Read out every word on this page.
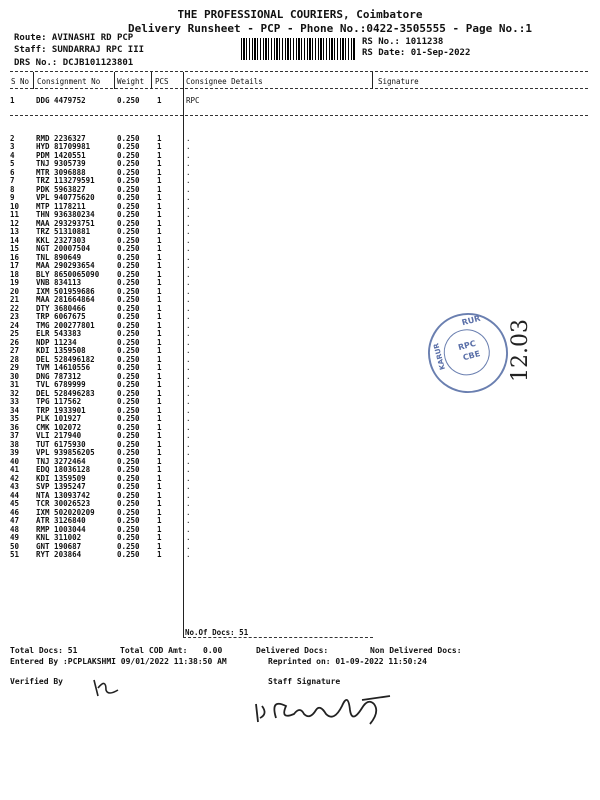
THE PROFESSIONAL COURIERS, Coimbatore
Delivery Runsheet - PCP - Phone No.:0422-3505555 - Page No.:1
Route: AVINASHI RD PCP
Staff: SUNDARRAJ RPC III
DRS No.: DCJB101123801
RS No.: 1011238
RS Date: 01-Sep-2022
S No Consignment No Weight PCS Consignee Details	Signature
1	DDG 4479752	0.250 1	RPC
2	RMD 2236327	0.250 1	.
3	HYD 81709981	0.250 1	.
4	PDM 1420551	0.250 1	.
5	TNJ 9305739	0.250 1	.
6	MTR 3096888	0.250 1	.
7	TRZ 113279591	0.250 1	.
8	PDK 5963827	0.250 1	.
9	VPL 940775620	0.250 1	.
10 MTP 1178211	0.250 1	.
11 THN 936380234	0.250 1	.
12 MAA 293293751	0.250 1	.
13 TRZ 51310881	0.250 1	.
14 KKL 2327303	0.250 1	.
15 NGT 20007504	0.250 1	.
16 TNL 890649	0.250 1	.
17 MAA 290293654	0.250 1	.
18 BLY 8650065090 0.250 1	.
19 VNB 834113	0.250 1	.
20 IXM 501959686	0.250 1	.
21 MAA 281664864	0.250 1	.
22 DTY 3680466	0.250 1	.
23 TRP 6067675	0.250 1	.
24 TMG 200277801	0.250 1	.
25 ELR 543383	0.250 1	.
26 NDP 11234	0.250 1	.
27 KDI 1359508	0.250 1	.
28 DEL 528496182	0.250 1	.
29 TVM 14610556	0.250 1	.
30 DNG 787312	0.250 1	.
31 TVL 6789999	0.250 1	.
32 DEL 528496283	0.250 1	.
33 TPG 117562	0.250 1	.
34 TRP 1933901	0.250 1	.
35 PLK 101927	0.250 1	.
36 CMK 102072	0.250 1	.
37 VLI 217940	0.250 1	.
38 TUT 6175930	0.250 1	.
39 VPL 939856205	0.250 1	.
40 TNJ 3272464	0.250 1	.
41 EDQ 18036128	0.250 1	.
42 KDI 1359509	0.250 1	.
43 SVP 1395247	0.250 1	.
44 NTA 13093742	0.250 1	.
45 TCR 30026523	0.250 1	.
46 IXM 502020209	0.250 1	.
47 ATR 3126840	0.250 1	.
48 RMP 1003044	0.250 1	.
49 KNL 311002	0.250 1	.
50 GNT 190687	0.250 1	.
51 RYT 203864	0.250 1	.
No.Of Docs: 51
Total Docs: 51	Total COD Amt: 0.00	Delivered Docs:	Non Delivered Docs:
Entered By :PCPLAKSHMI 09/01/2022 11:38:50 AM	Reprinted on: 01-09-2022 11:50:24
Verified By	Staff Signature
RUR
KARUR RPC
CBE 12.03
